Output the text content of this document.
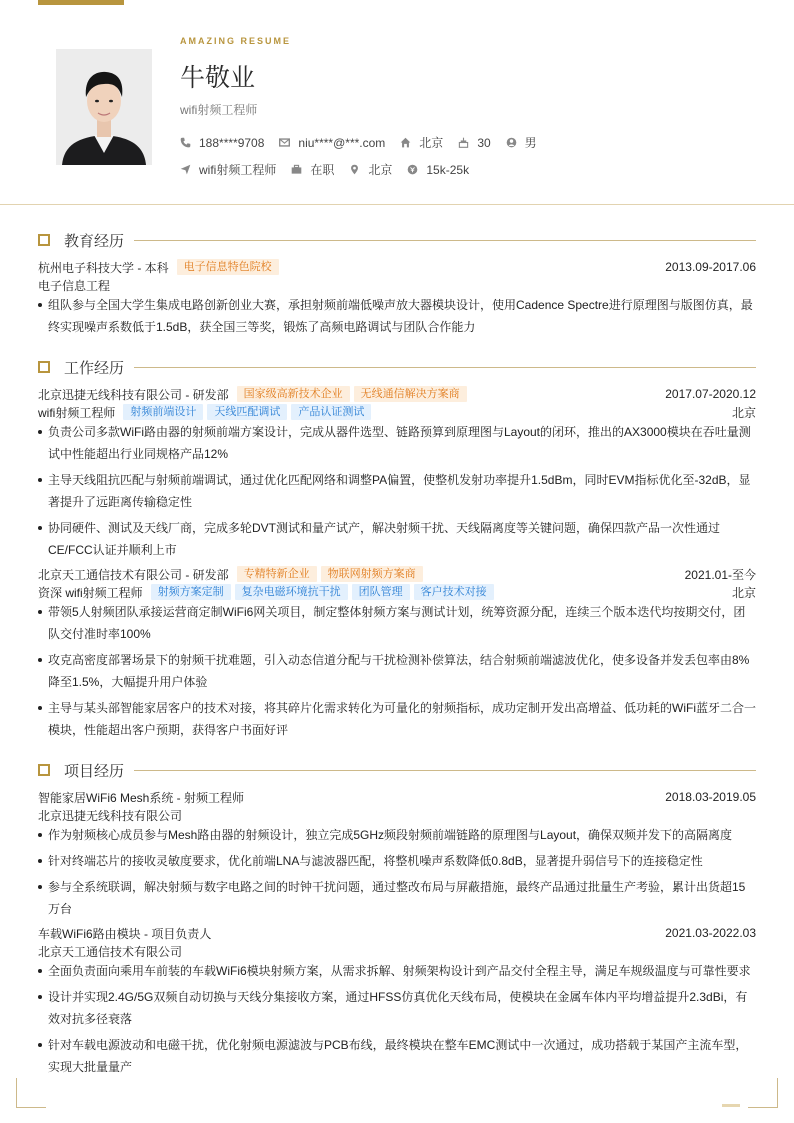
AMAZING RESUME
牛敬业
wifi射频工程师
188****9708	niu****@***.com	北京	30	男
wifi射频工程师	在职	北京	15k-25k
教育经历
杭州电子科技大学 - 本科	电子信息特色院校	2013.09-2017.06
电子信息工程
组队参与全国大学生集成电路创新创业大赛，承担射频前端低噪声放大器模块设计，使用Cadence Spectre进行原理图与版图仿真，最终实现噪声系数低于1.5dB，获全国三等奖，锻炼了高频电路调试与团队合作能力
工作经历
北京迅捷无线科技有限公司 - 研发部	国家级高新技术企业	无线通信解决方案商	2017.07-2020.12
wifi射频工程师	射频前端设计	天线匹配调试	产品认证测试	北京
负责公司多款WiFi路由器的射频前端方案设计，完成从器件选型、链路预算到原理图与Layout的闭环，推出的AX3000模块在吞吐量测试中性能超出行业同规格产品12%
主导天线阻抗匹配与射频前端调试，通过优化匹配网络和调整PA偏置，使整机发射功率提升1.5dBm，同时EVM指标优化至-32dB，显著提升了远距离传输稳定性
协同硬件、测试及天线厂商，完成多轮DVT测试和量产试产，解决射频干扰、天线隔离度等关键问题，确保四款产品一次性通过CE/FCC认证并顺利上市
北京天工通信技术有限公司 - 研发部	专精特新企业	物联网射频方案商	2021.01-至今
资深 wifi射频工程师	射频方案定制	复杂电磁环境抗干扰	团队管理	客户技术对接	北京
带领5人射频团队承接运营商定制WiFi6网关项目，制定整体射频方案与测试计划，统筹资源分配，连续三个版本迭代均按期交付，团队交付准时率100%
攻克高密度部署场景下的射频干扰难题，引入动态信道分配与干扰检测补偿算法，结合射频前端滤波优化，使多设备并发丢包率由8%降至1.5%，大幅提升用户体验
主导与某头部智能家居客户的技术对接，将其碎片化需求转化为可量化的射频指标，成功定制开发出高增益、低功耗的WiFi蓝牙二合一模块，性能超出客户预期，获得客户书面好评
项目经历
智能家居WiFi6 Mesh系统 - 射频工程师	2018.03-2019.05
北京迅捷无线科技有限公司
作为射频核心成员参与Mesh路由器的射频设计，独立完成5GHz频段射频前端链路的原理图与Layout，确保双频并发下的高隔离度
针对终端芯片的接收灵敏度要求，优化前端LNA与滤波器匹配，将整机噪声系数降低0.8dB，显著提升弱信号下的连接稳定性
参与全系统联调，解决射频与数字电路之间的时钟干扰问题，通过整改布局与屏蔽措施，最终产品通过批量生产考验，累计出货超15万台
车载WiFi6路由模块 - 项目负责人	2021.03-2022.03
北京天工通信技术有限公司
全面负责面向乘用车前装的车载WiFi6模块射频方案，从需求拆解、射频架构设计到产品交付全程主导，满足车规级温度与可靠性要求
设计并实现2.4G/5G双频自动切换与天线分集接收方案，通过HFSS仿真优化天线布局，使模块在金属车体内平均增益提升2.3dBi，有效对抗多径衰落
针对车载电源波动和电磁干扰，优化射频电源滤波与PCB布线，最终模块在整车EMC测试中一次通过，成功搭载于某国产主流车型，实现大批量量产
